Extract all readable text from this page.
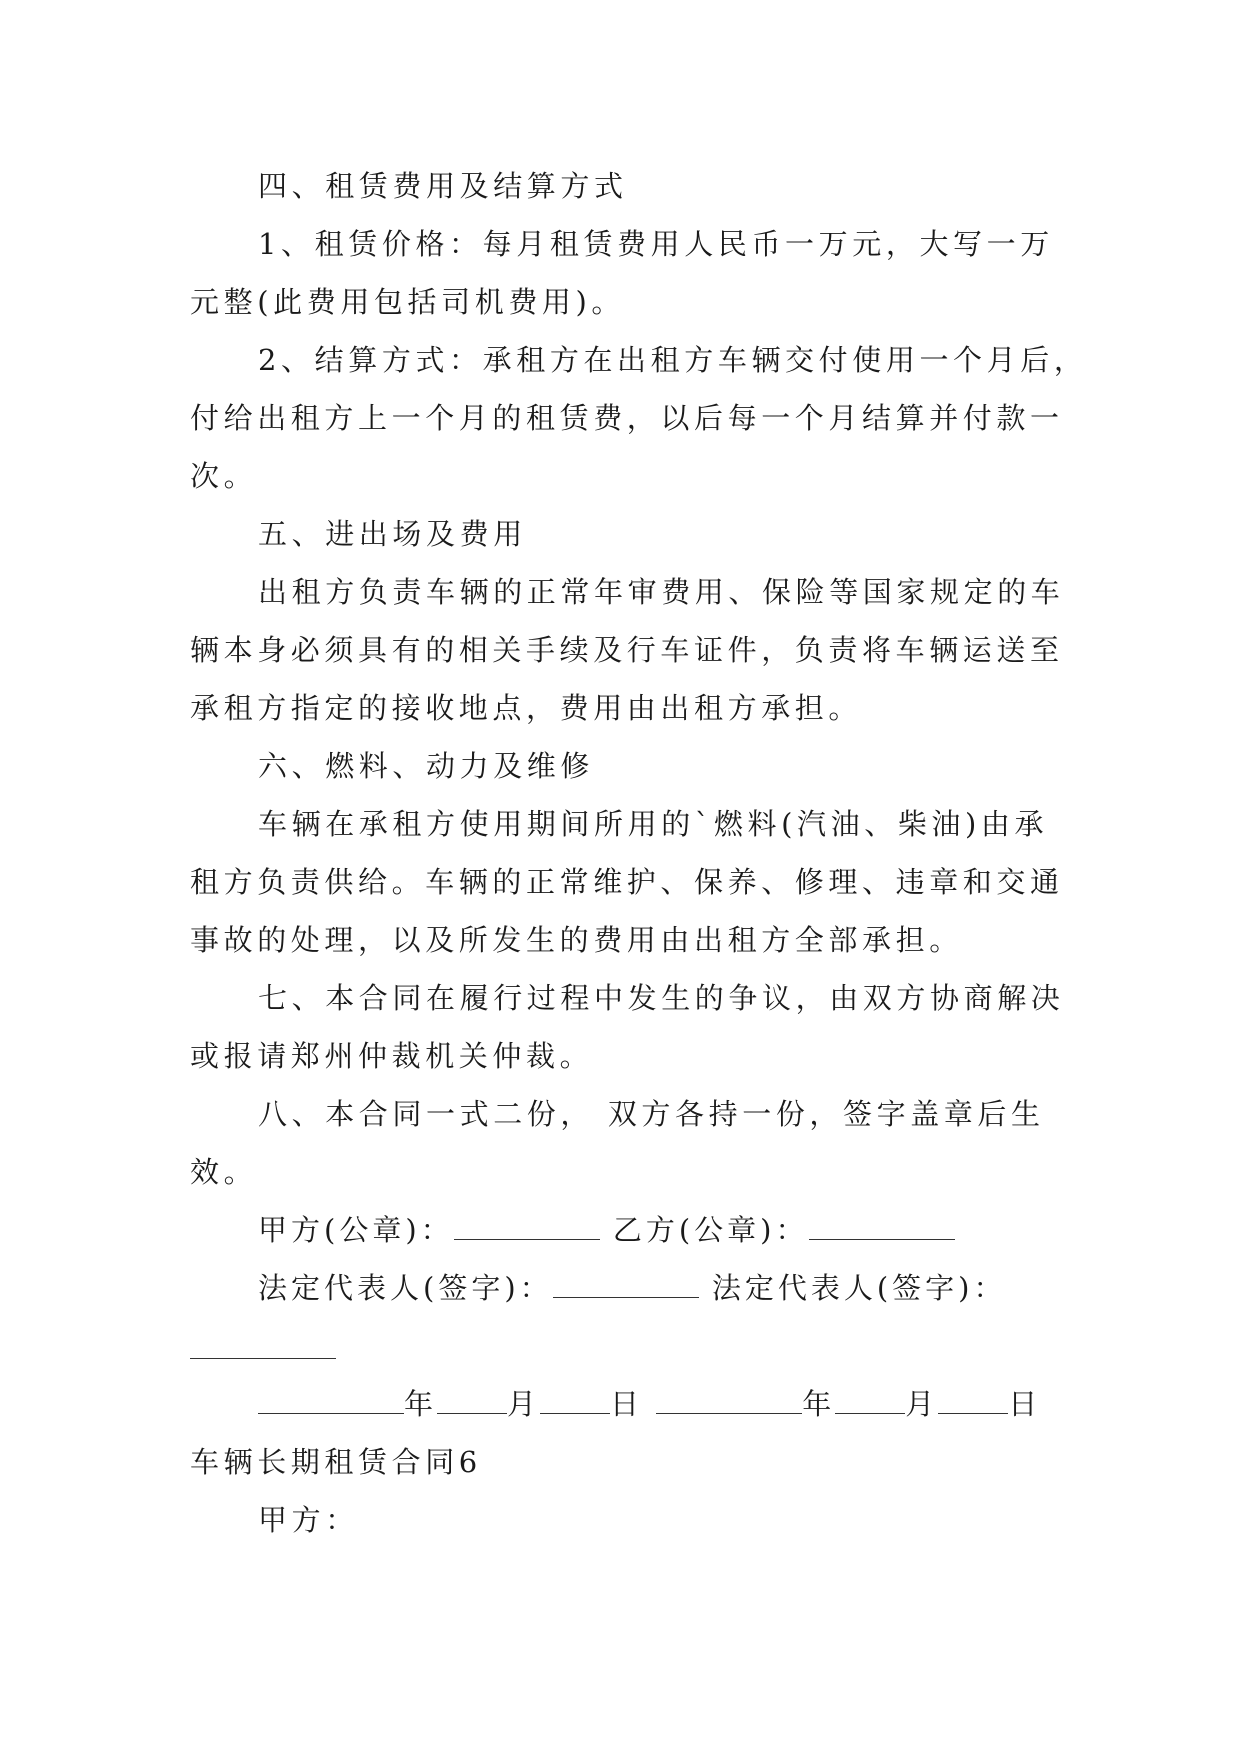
四、租赁费用及结算方式
1、租赁价格：每月租赁费用人民币一万元，大写一万
元整(此费用包括司机费用)。
2、结算方式：承租方在出租方车辆交付使用一个月后，
付给出租方上一个月的租赁费，以后每一个月结算并付款一
次。
五、进出场及费用
出租方负责车辆的正常年审费用、保险等国家规定的车
辆本身必须具有的相关手续及行车证件，负责将车辆运送至
承租方指定的接收地点，费用由出租方承担。
六、燃料、动力及维修
车辆在承租方使用期间所用的`燃料(汽油、柴油)由承
租方负责供给。车辆的正常维护、保养、修理、违章和交通
事故的处理，以及所发生的费用由出租方全部承担。
七、本合同在履行过程中发生的争议，由双方协商解决
或报请郑州仲裁机关仲裁。
八、本合同一式二份， 双方各持一份，签字盖章后生
效。
甲方(公章)：	乙方(公章)：
法定代表人(签字)：	法定代表人(签字)：
年 月 日	年 月 日
车辆长期租赁合同6
甲方：
